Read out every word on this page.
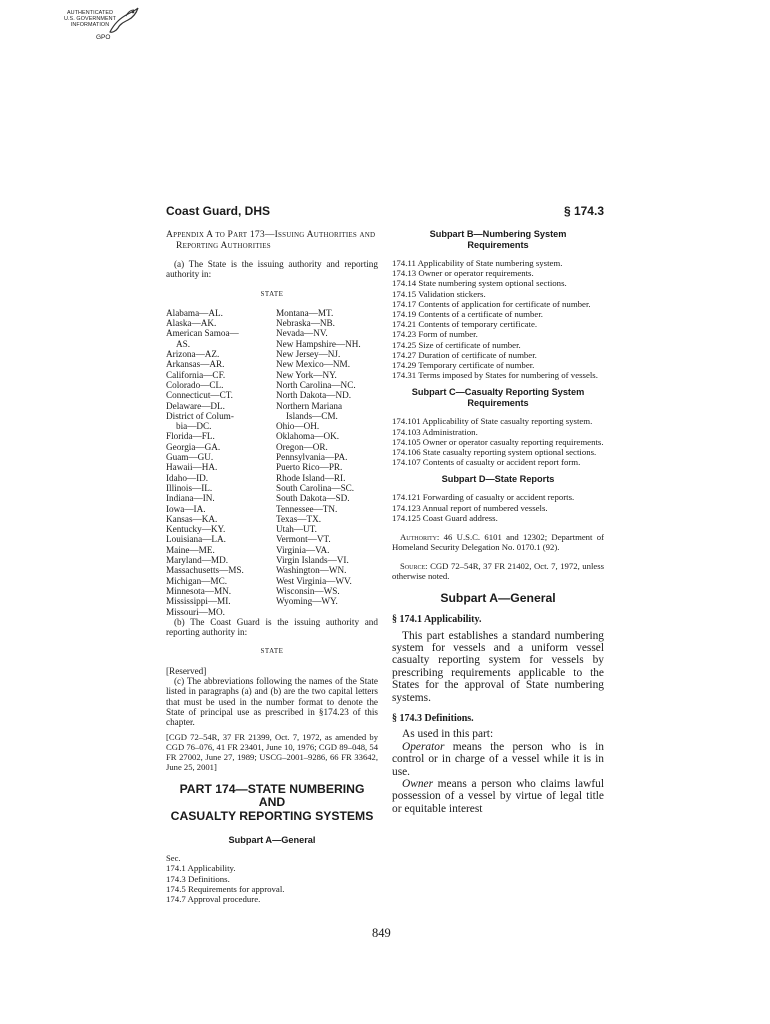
AUTHENTICATED
U.S. GOVERNMENT
INFORMATION
GPO
Coast Guard, DHS	§ 174.3
Appendix A to Part 173—Issuing Authorities and Reporting Authorities

(a) The State is the issuing authority and reporting authority in:

STATE
Alabama—AL.
Alaska—AK.
American Samoa—
AS.
Arizona—AZ.
Arkansas—AR.
California—CF.
Colorado—CL.
Connecticut—CT.
Delaware—DL.
District of Colum-
bia—DC.
Florida—FL.
Georgia—GA.
Guam—GU.
Hawaii—HA.
Idaho—ID.
Illinois—IL.
Indiana—IN.
Iowa—IA.
Kansas—KA.
Kentucky—KY.
Louisiana—LA.
Maine—ME.
Maryland—MD.
Massachusetts—MS.
Michigan—MC.
Minnesota—MN.
Mississippi—MI.
Missouri—MO.
Montana—MT.
Nebraska—NB.
Nevada—NV.
New Hampshire—NH.
New Jersey—NJ.
New Mexico—NM.
New York—NY.
North Carolina—NC.
North Dakota—ND.
Northern Mariana
Islands—CM.
Ohio—OH.
Oklahoma—OK.
Oregon—OR.
Pennsylvania—PA.
Puerto Rico—PR.
Rhode Island—RI.
South Carolina—SC.
South Dakota—SD.
Tennessee—TN.
Texas—TX.
Utah—UT.
Vermont—VT.
Virginia—VA.
Virgin Islands—VI.
Washington—WN.
West Virginia—WV.
Wisconsin—WS.
Wyoming—WY.

(b) The Coast Guard is the issuing authority and reporting authority in:

STATE
[Reserved]

(c) The abbreviations following the names of the State listed in paragraphs (a) and (b) are the two capital letters that must be used in the number format to denote the State of principal use as prescribed in §174.23 of this chapter.

[CGD 72–54R, 37 FR 21399, Oct. 7, 1972, as amended by CGD 76–076, 41 FR 23401, June 10, 1976; CGD 89–048, 54 FR 27002, June 27, 1989; USCG–2001–9286, 66 FR 33642, June 25, 2001]

PART 174—STATE NUMBERING AND
CASUALTY REPORTING SYSTEMS
Subpart A—General
Sec.
174.1 Applicability.
174.3 Definitions.
174.5 Requirements for approval.
174.7 Approval procedure.
Subpart B—Numbering System
Requirements
174.11 Applicability of State numbering system.
174.13 Owner or operator requirements.
174.14 State numbering system optional sections.
174.15 Validation stickers.
174.17 Contents of application for certificate of number.
174.19 Contents of a certificate of number.
174.21 Contents of temporary certificate.
174.23 Form of number.
174.25 Size of certificate of number.
174.27 Duration of certificate of number.
174.29 Temporary certificate of number.
174.31 Terms imposed by States for numbering of vessels.
Subpart C—Casualty Reporting System
Requirements
174.101 Applicability of State casualty reporting system.
174.103 Administration.
174.105 Owner or operator casualty reporting requirements.
174.106 State casualty reporting system optional sections.
174.107 Contents of casualty or accident report form.
Subpart D—State Reports
174.121 Forwarding of casualty or accident reports.
174.123 Annual report of numbered vessels.
174.125 Coast Guard address.

Authority: 46 U.S.C. 6101 and 12302; Department of Homeland Security Delegation No. 0170.1 (92).

Source: CGD 72–54R, 37 FR 21402, Oct. 7, 1972, unless otherwise noted.

Subpart A—General
§ 174.1 Applicability.

This part establishes a standard numbering system for vessels and a uniform vessel casualty reporting system for vessels by prescribing requirements applicable to the States for the approval of State numbering systems.

§ 174.3 Definitions.

As used in this part:

Operator means the person who is in control or in charge of a vessel while it is in use.

Owner means a person who claims lawful possession of a vessel by virtue of legal title or equitable interest

849
